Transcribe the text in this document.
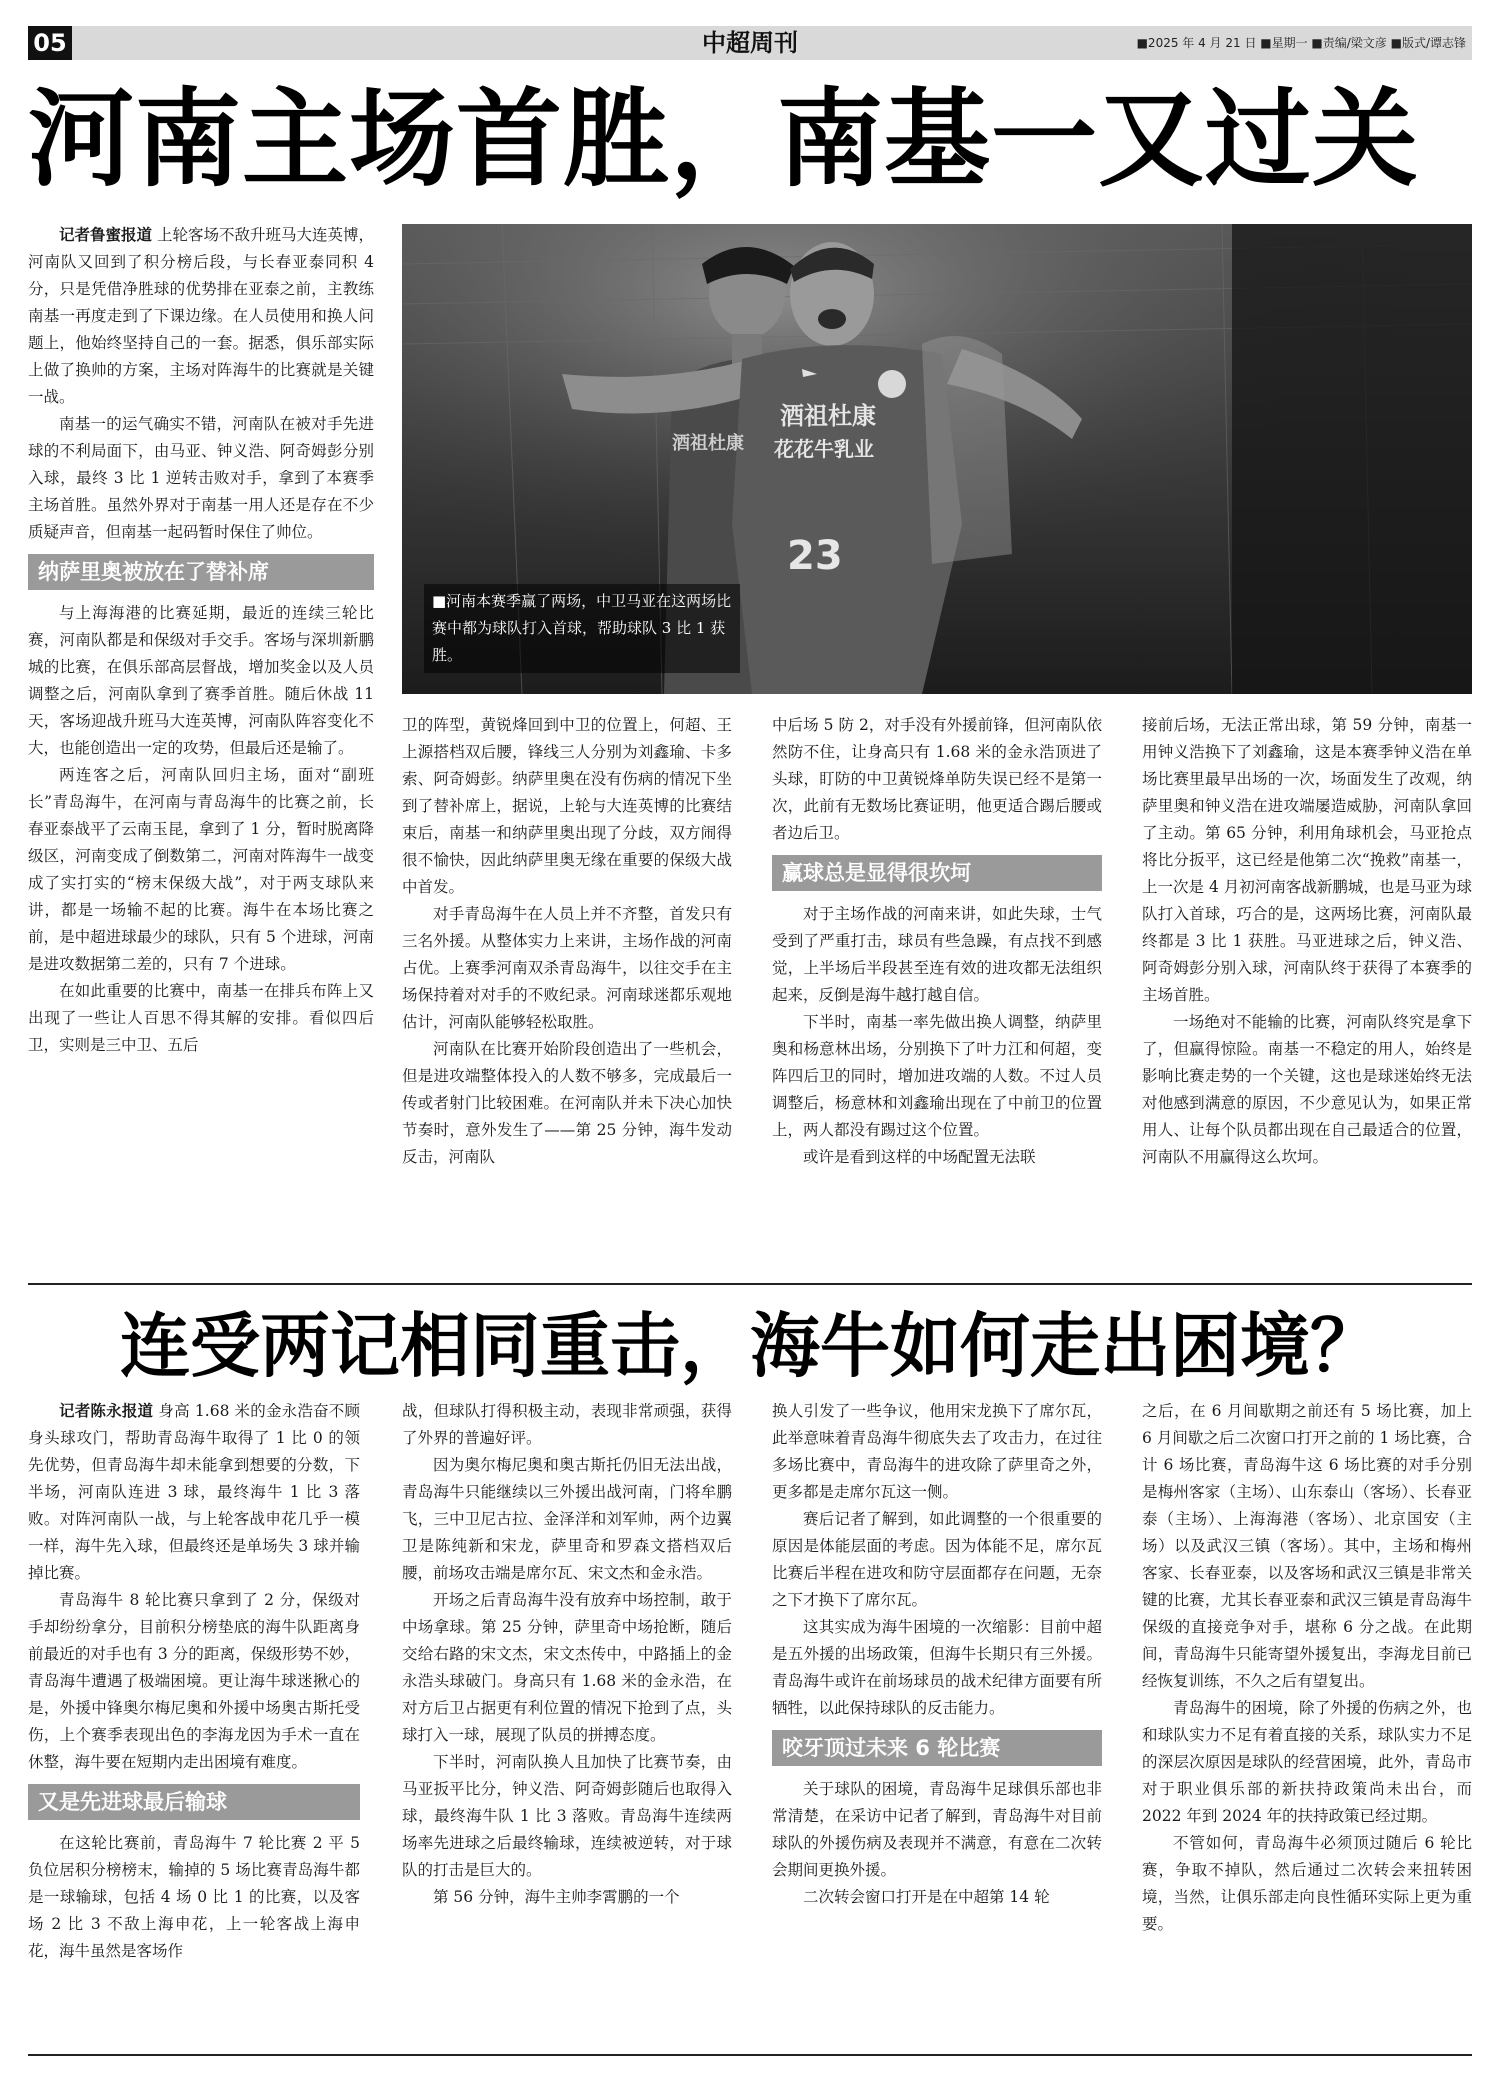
05	中超周刊	■2025 年 4 月 21 日 ■星期一 ■责编/梁文彦 ■版式/谭志锋
河南主场首胜，南基一又过关

记者鲁蜜报道 上轮客场不敌升班马大连英博，河南队又回到了积分榜后段，与长春亚泰同积 4 分，只是凭借净胜球的优势排在亚泰之前，主教练南基一再度走到了下课边缘。在人员使用和换人问题上，他始终坚持自己的一套。据悉，俱乐部实际上做了换帅的方案，主场对阵海牛的比赛就是关键一战。

南基一的运气确实不错，河南队在被对手先进球的不利局面下，由马亚、钟义浩、阿奇姆彭分别入球，最终 3 比 1 逆转击败对手，拿到了本赛季主场首胜。虽然外界对于南基一用人还是存在不少质疑声音，但南基一起码暂时保住了帅位。

纳萨里奥被放在了替补席

与上海海港的比赛延期，最近的连续三轮比赛，河南队都是和保级对手交手。客场与深圳新鹏城的比赛，在俱乐部高层督战，增加奖金以及人员调整之后，河南队拿到了赛季首胜。随后休战 11 天，客场迎战升班马大连英博，河南队阵容变化不大，也能创造出一定的攻势，但最后还是输了。

两连客之后，河南队回归主场，面对“副班长”青岛海牛，在河南与青岛海牛的比赛之前，长春亚泰战平了云南玉昆，拿到了 1 分，暂时脱离降级区，河南变成了倒数第二，河南对阵海牛一战变成了实打实的“榜末保级大战”，对于两支球队来讲，都是一场输不起的比赛。海牛在本场比赛之前，是中超进球最少的球队，只有 5 个进球，河南是进攻数据第二差的，只有 7 个进球。

在如此重要的比赛中，南基一在排兵布阵上又出现了一些让人百思不得其解的安排。看似四后卫，实则是三中卫、五后

酒祖杜康
花花牛乳业
酒祖杜康
23
■河南本赛季赢了两场，中卫马亚在这两场比赛中都为球队打入首球，帮助球队 3 比 1 获胜。

卫的阵型，黄锐烽回到中卫的位置上，何超、王上源搭档双后腰，锋线三人分别为刘鑫瑜、卡多索、阿奇姆彭。纳萨里奥在没有伤病的情况下坐到了替补席上，据说，上轮与大连英博的比赛结束后，南基一和纳萨里奥出现了分歧，双方闹得很不愉快，因此纳萨里奥无缘在重要的保级大战中首发。

对手青岛海牛在人员上并不齐整，首发只有三名外援。从整体实力上来讲，主场作战的河南占优。上赛季河南双杀青岛海牛，以往交手在主场保持着对对手的不败纪录。河南球迷都乐观地估计，河南队能够轻松取胜。

河南队在比赛开始阶段创造出了一些机会，但是进攻端整体投入的人数不够多，完成最后一传或者射门比较困难。在河南队并未下决心加快节奏时，意外发生了——第 25 分钟，海牛发动反击，河南队

中后场 5 防 2，对手没有外援前锋，但河南队依然防不住，让身高只有 1.68 米的金永浩顶进了头球，盯防的中卫黄锐烽单防失误已经不是第一次，此前有无数场比赛证明，他更适合踢后腰或者边后卫。

赢球总是显得很坎坷

对于主场作战的河南来讲，如此失球，士气受到了严重打击，球员有些急躁，有点找不到感觉，上半场后半段甚至连有效的进攻都无法组织起来，反倒是海牛越打越自信。

下半时，南基一率先做出换人调整，纳萨里奥和杨意林出场，分别换下了叶力江和何超，变阵四后卫的同时，增加进攻端的人数。不过人员调整后，杨意林和刘鑫瑜出现在了中前卫的位置上，两人都没有踢过这个位置。

或许是看到这样的中场配置无法联

接前后场，无法正常出球，第 59 分钟，南基一用钟义浩换下了刘鑫瑜，这是本赛季钟义浩在单场比赛里最早出场的一次，场面发生了改观，纳萨里奥和钟义浩在进攻端屡造威胁，河南队拿回了主动。第 65 分钟，利用角球机会，马亚抢点将比分扳平，这已经是他第二次“挽救”南基一，上一次是 4 月初河南客战新鹏城，也是马亚为球队打入首球，巧合的是，这两场比赛，河南队最终都是 3 比 1 获胜。马亚进球之后，钟义浩、阿奇姆彭分别入球，河南队终于获得了本赛季的主场首胜。

一场绝对不能输的比赛，河南队终究是拿下了，但赢得惊险。南基一不稳定的用人，始终是影响比赛走势的一个关键，这也是球迷始终无法对他感到满意的原因，不少意见认为，如果正常用人、让每个队员都出现在自己最适合的位置，河南队不用赢得这么坎坷。

连受两记相同重击，海牛如何走出困境？

记者陈永报道 身高 1.68 米的金永浩奋不顾身头球攻门，帮助青岛海牛取得了 1 比 0 的领先优势，但青岛海牛却未能拿到想要的分数，下半场，河南队连进 3 球，最终海牛 1 比 3 落败。对阵河南队一战，与上轮客战申花几乎一模一样，海牛先入球，但最终还是单场失 3 球并输掉比赛。

青岛海牛 8 轮比赛只拿到了 2 分，保级对手却纷纷拿分，目前积分榜垫底的海牛队距离身前最近的对手也有 3 分的距离，保级形势不妙，青岛海牛遭遇了极端困境。更让海牛球迷揪心的是，外援中锋奥尔梅尼奥和外援中场奥古斯托受伤，上个赛季表现出色的李海龙因为手术一直在休整，海牛要在短期内走出困境有难度。

又是先进球最后输球

在这轮比赛前，青岛海牛 7 轮比赛 2 平 5 负位居积分榜榜末，输掉的 5 场比赛青岛海牛都是一球输球，包括 4 场 0 比 1 的比赛，以及客场 2 比 3 不敌上海申花，上一轮客战上海申花，海牛虽然是客场作

战，但球队打得积极主动，表现非常顽强，获得了外界的普遍好评。

因为奥尔梅尼奥和奥古斯托仍旧无法出战，青岛海牛只能继续以三外援出战河南，门将牟鹏飞，三中卫尼古拉、金泽洋和刘军帅，两个边翼卫是陈纯新和宋龙，萨里奇和罗森文搭档双后腰，前场攻击端是席尔瓦、宋文杰和金永浩。

开场之后青岛海牛没有放弃中场控制，敢于中场拿球。第 25 分钟，萨里奇中场抢断，随后交给右路的宋文杰，宋文杰传中，中路插上的金永浩头球破门。身高只有 1.68 米的金永浩，在对方后卫占据更有利位置的情况下抢到了点，头球打入一球，展现了队员的拼搏态度。

下半时，河南队换人且加快了比赛节奏，由马亚扳平比分，钟义浩、阿奇姆彭随后也取得入球，最终海牛队 1 比 3 落败。青岛海牛连续两场率先进球之后最终输球，连续被逆转，对于球队的打击是巨大的。

第 56 分钟，海牛主帅李霄鹏的一个

换人引发了一些争议，他用宋龙换下了席尔瓦，此举意味着青岛海牛彻底失去了攻击力，在过往多场比赛中，青岛海牛的进攻除了萨里奇之外，更多都是走席尔瓦这一侧。

赛后记者了解到，如此调整的一个很重要的原因是体能层面的考虑。因为体能不足，席尔瓦比赛后半程在进攻和防守层面都存在问题，无奈之下才换下了席尔瓦。

这其实成为海牛困境的一次缩影：目前中超是五外援的出场政策，但海牛长期只有三外援。青岛海牛或许在前场球员的战术纪律方面要有所牺牲，以此保持球队的反击能力。

咬牙顶过未来 6 轮比赛

关于球队的困境，青岛海牛足球俱乐部也非常清楚，在采访中记者了解到，青岛海牛对目前球队的外援伤病及表现并不满意，有意在二次转会期间更换外援。

二次转会窗口打开是在中超第 14 轮

之后，在 6 月间歇期之前还有 5 场比赛，加上 6 月间歇之后二次窗口打开之前的 1 场比赛，合计 6 场比赛，青岛海牛这 6 场比赛的对手分别是梅州客家（主场）、山东泰山（客场）、长春亚泰（主场）、上海海港（客场）、北京国安（主场）以及武汉三镇（客场）。其中，主场和梅州客家、长春亚泰，以及客场和武汉三镇是非常关键的比赛，尤其长春亚泰和武汉三镇是青岛海牛保级的直接竞争对手，堪称 6 分之战。在此期间，青岛海牛只能寄望外援复出，李海龙目前已经恢复训练，不久之后有望复出。

青岛海牛的困境，除了外援的伤病之外，也和球队实力不足有着直接的关系，球队实力不足的深层次原因是球队的经营困境，此外，青岛市对于职业俱乐部的新扶持政策尚未出台，而 2022 年到 2024 年的扶持政策已经过期。

不管如何，青岛海牛必须顶过随后 6 轮比赛，争取不掉队，然后通过二次转会来扭转困境，当然，让俱乐部走向良性循环实际上更为重要。
